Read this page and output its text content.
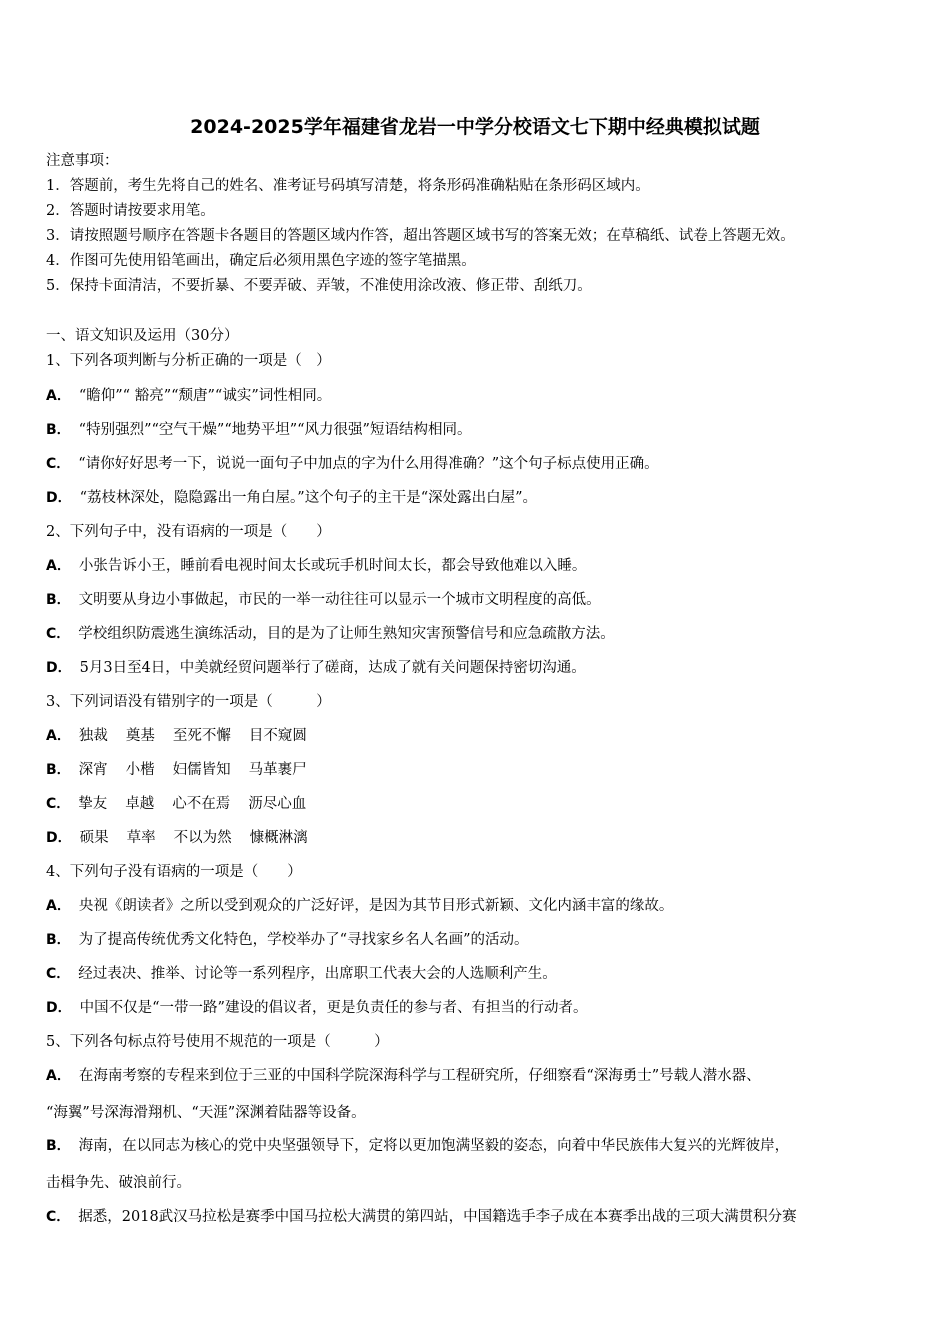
2024-2025学年福建省龙岩一中学分校语文七下期中经典模拟试题
注意事项：
1．答题前，考生先将自己的姓名、准考证号码填写清楚，将条形码准确粘贴在条形码区域内。
2．答题时请按要求用笔。
3．请按照题号顺序在答题卡各题目的答题区域内作答，超出答题区域书写的答案无效；在草稿纸、试卷上答题无效。
4．作图可先使用铅笔画出，确定后必须用黑色字迹的签字笔描黑。
5．保持卡面清洁，不要折暴、不要弄破、弄皱，不准使用涂改液、修正带、刮纸刀。
一、语文知识及运用（30分）
1、下列各项判断与分析正确的一项是（　）
A． “瞻仰”“ 豁亮”“颓唐”“诚实”词性相同。
B． “特别强烈”“空气干燥”“地势平坦”“风力很强”短语结构相同。
C． “请你好好思考一下，说说一面句子中加点的字为什么用得准确？”这个句子标点使用正确。
D． “荔枝林深处，隐隐露出一角白屋。”这个句子的主干是“深处露出白屋”。
2、下列句子中，没有语病的一项是（　　）
A． 小张告诉小王，睡前看电视时间太长或玩手机时间太长，都会导致他难以入睡。
B． 文明要从身边小事做起，市民的一举一动往往可以显示一个城市文明程度的高低。
C． 学校组织防震逃生演练活动，目的是为了让师生熟知灾害预警信号和应急疏散方法。
D． 5月3日至4日，中美就经贸问题举行了磋商，达成了就有关问题保持密切沟通。
3、下列词语没有错别字的一项是（　　　）
A． 独裁 奠基 至死不懈 目不窥圆
B． 深宵 小楷 妇儒皆知 马革裹尸
C． 挚友 卓越 心不在焉 沥尽心血
D． 硕果 草率 不以为然 慷概淋漓
4、下列句子没有语病的一项是（　　）
A． 央视《朗读者》之所以受到观众的广泛好评，是因为其节目形式新颖、文化内涵丰富的缘故。
B． 为了提高传统优秀文化特色，学校举办了“寻找家乡名人名画”的活动。
C． 经过表决、推举、讨论等一系列程序，出席职工代表大会的人选顺利产生。
D． 中国不仅是“一带一路”建设的倡议者，更是负责任的参与者、有担当的行动者。
5、下列各句标点符号使用不规范的一项是（　　　）
A． 在海南考察的专程来到位于三亚的中国科学院深海科学与工程研究所，仔细察看“深海勇士”号载人潜水器、
“海翼”号深海滑翔机、“天涯”深渊着陆器等设备。
B． 海南，在以同志为核心的党中央坚强领导下，定将以更加饱满坚毅的姿态，向着中华民族伟大复兴的光辉彼岸，
击楫争先、破浪前行。
C． 据悉，2018武汉马拉松是赛季中国马拉松大满贯的第四站，中国籍选手李子成在本赛季出战的三项大满贯积分赛
